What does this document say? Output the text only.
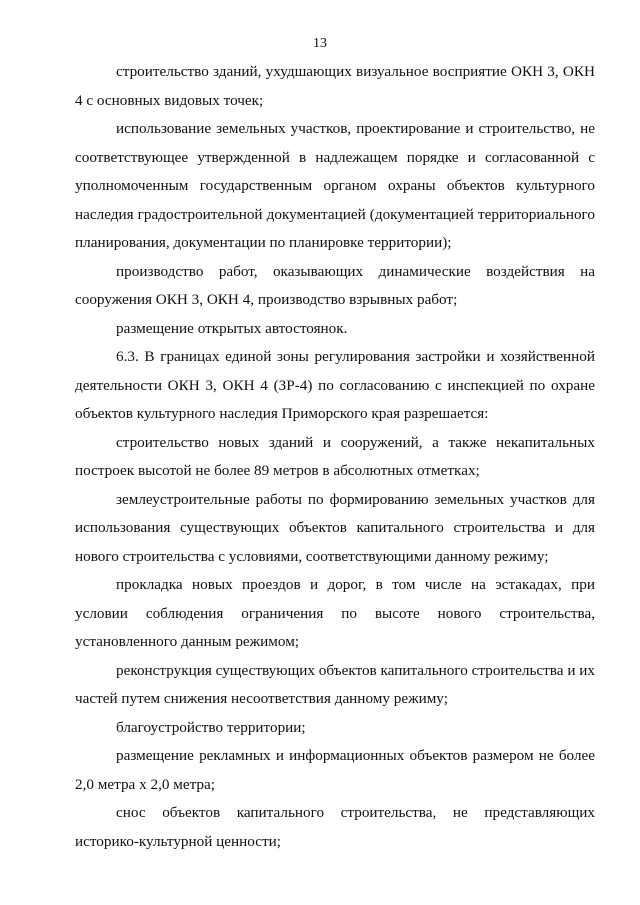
13

строительство зданий, ухудшающих визуальное восприятие ОКН 3, ОКН 4 с основных видовых точек;

использование земельных участков, проектирование и строительство, не соответствующее утвержденной в надлежащем порядке и согласованной с уполномоченным государственным органом охраны объектов культурного наследия градостроительной документацией (документацией территориального планирования, документации по планировке территории);

производство работ, оказывающих динамические воздействия на сооружения ОКН 3, ОКН 4, производство взрывных работ;

размещение открытых автостоянок.

6.3. В границах единой зоны регулирования застройки и хозяйственной деятельности ОКН 3, ОКН 4 (ЗР-4) по согласованию с инспекцией по охране объектов культурного наследия Приморского края разрешается:

строительство новых зданий и сооружений, а также некапитальных построек высотой не более 89 метров в абсолютных отметках;

землеустроительные работы по формированию земельных участков для использования существующих объектов капитального строительства и для нового строительства с условиями, соответствующими данному режиму;

прокладка новых проездов и дорог, в том числе на эстакадах, при условии соблюдения ограничения по высоте нового строительства, установленного данным режимом;

реконструкция существующих объектов капитального строительства и их частей путем снижения несоответствия данному режиму;

благоустройство территории;

размещение рекламных и информационных объектов размером не более 2,0 метра х 2,0 метра;

снос объектов капитального строительства, не представляющих историко-культурной ценности;
